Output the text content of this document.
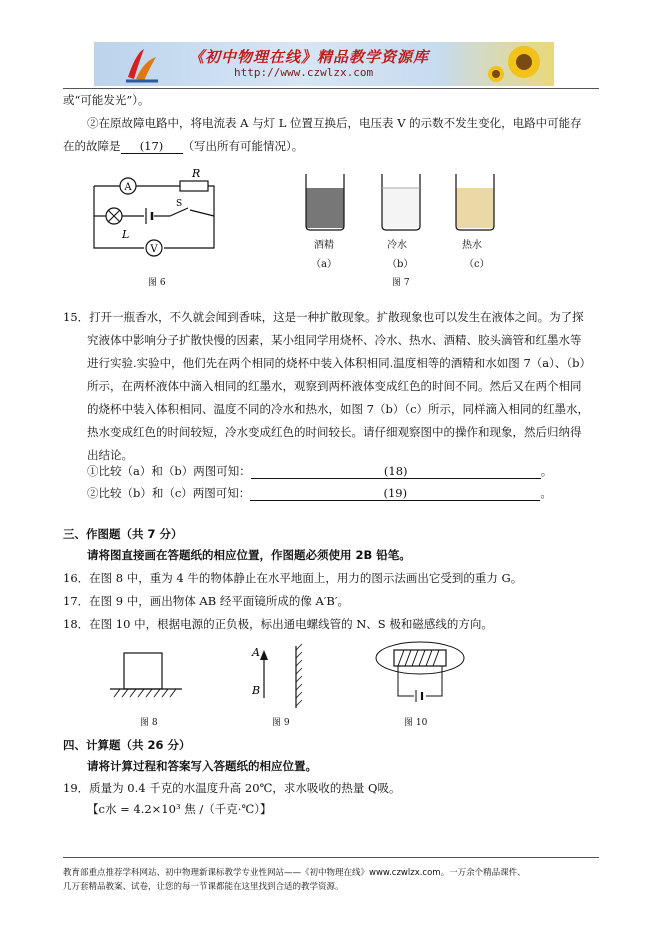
《初中物理在线》精品教学资源库
http://www.czwlzx.com
或“可能发光”）。
②在原故障电路中，将电流表 A 与灯 L 位置互换后，电压表 V 的示数不发生变化，电路中可能存
在的故障是 (17) （写出所有可能情况）。
A
R
S
L
V
图 6
酒精	冷水	热水
（a）	（b）	（c）
图 7
15．打开一瓶香水，不久就会闻到香味，这是一种扩散现象。扩散现象也可以发生在液体之间。为了探
究液体中影响分子扩散快慢的因素，某小组同学用烧杯、冷水、热水、酒精、胶头滴管和红墨水等
进行实验.实验中，他们先在两个相同的烧杯中装入体积相同.温度相等的酒精和水如图 7（a）、（b）
所示，在两杯液体中滴入相同的红墨水，观察到两杯液体变成红色的时间不同。然后又在两个相同
的烧杯中装入体积相同、温度不同的冷水和热水，如图 7（b）（c）所示，同样滴入相同的红墨水，
热水变成红色的时间较短，冷水变成红色的时间较长。请仔细观察图中的操作和现象，然后归纳得
出结论。
①比较（a）和（b）两图可知：	(18)	。
②比较（b）和（c）两图可知：	(19)	。
三、作图题（共 7 分）
请将图直接画在答题纸的相应位置，作图题必须使用 2B 铅笔。
16．在图 8 中，重为 4 牛的物体静止在水平地面上，用力的图示法画出它受到的重力 G。
17．在图 9 中，画出物体 AB 经平面镜所成的像 A′B′。
18．在图 10 中，根据电源的正负极，标出通电螺线管的 N、S 极和磁感线的方向。
图 8
A
B
图 9	图 10
四、计算题（共 26 分）
请将计算过程和答案写入答题纸的相应位置。
19．质量为 0.4 千克的水温度升高 20℃，求水吸收的热量 Q吸。
【c水 = 4.2×10³ 焦 /（千克·℃）】
教育部重点推荐学科网站、初中物理新课标教学专业性网站——《初中物理在线》www.czwlzx.com。一万余个精品课件、
几万套精品教案、试卷，让您的每一节课都能在这里找到合适的教学资源。
